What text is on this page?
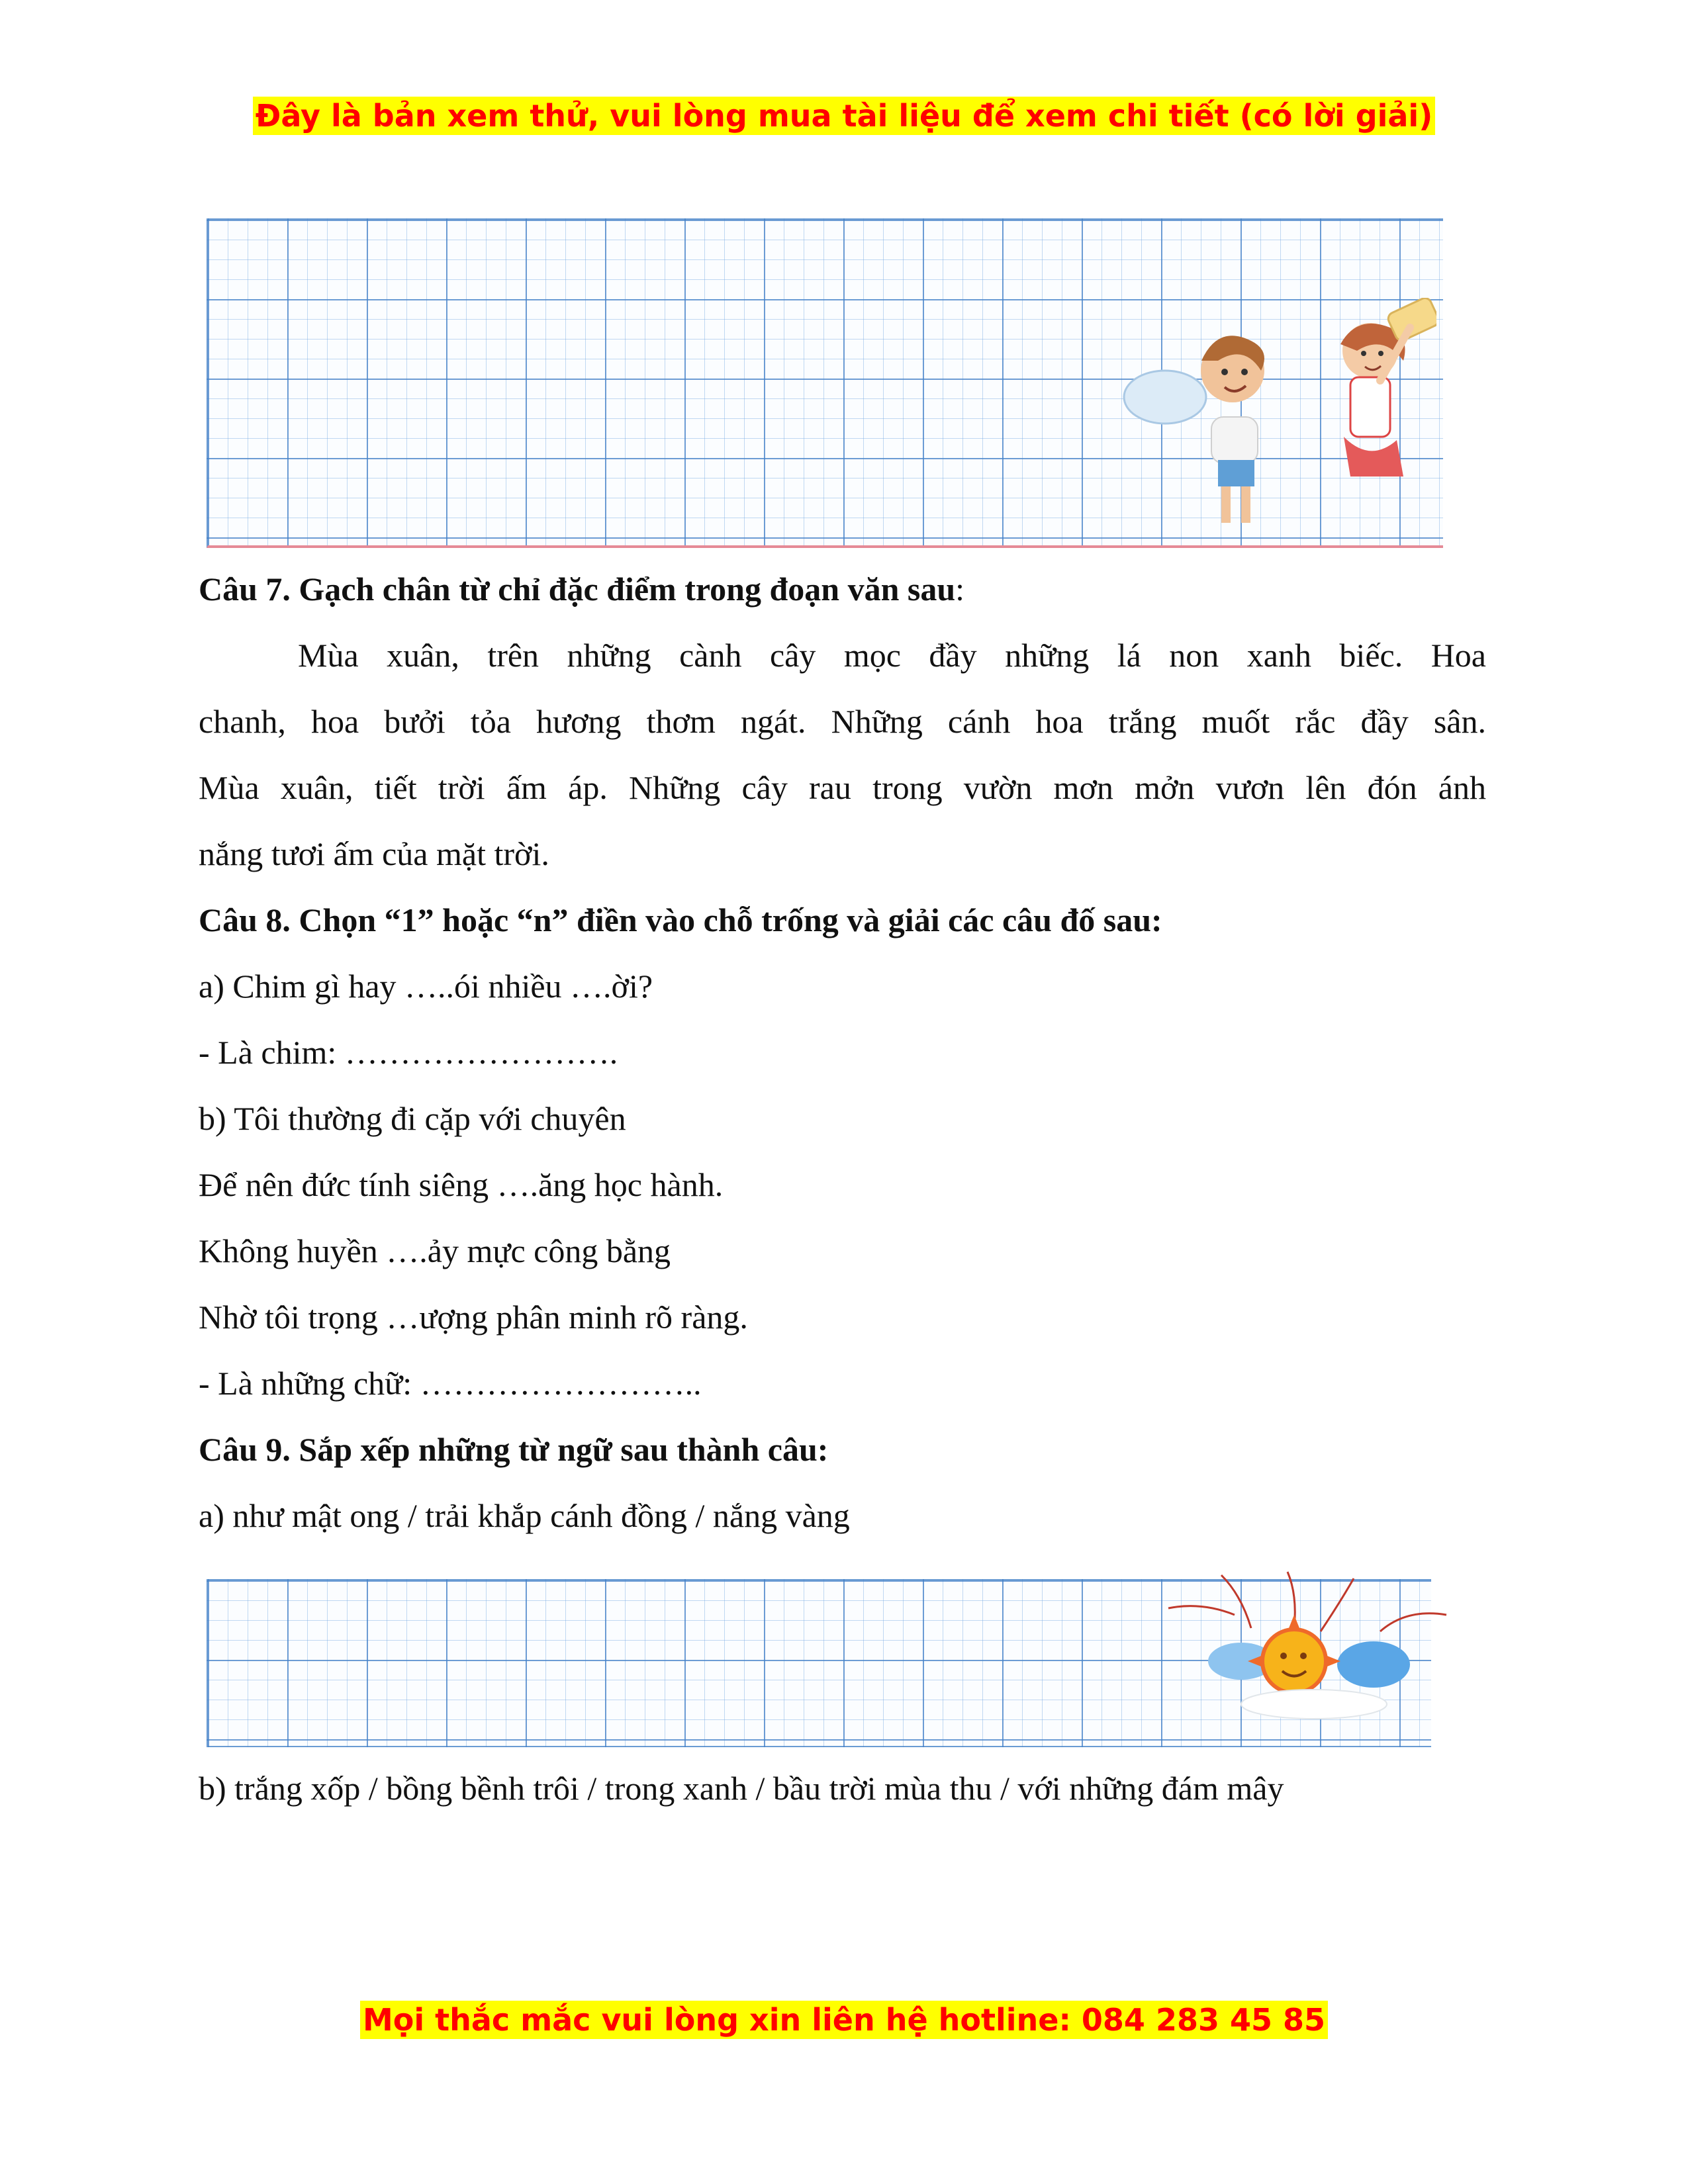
Đây là bản xem thử, vui lòng mua tài liệu để xem chi tiết (có lời giải)

Câu 7. Gạch chân từ chỉ đặc điểm trong đoạn văn sau:

Mùa xuân, trên những cành cây mọc đầy những lá non xanh biếc. Hoa

chanh, hoa bưởi tỏa hương thơm ngát. Những cánh hoa trắng muốt rắc đầy sân.

Mùa xuân, tiết trời ấm áp. Những cây rau trong vườn mơn mởn vươn lên đón ánh

nắng tươi ấm của mặt trời.

Câu 8. Chọn “1” hoặc “n” điền vào chỗ trống và giải các câu đố sau:

a) Chim gì hay …..ói nhiều ….ời?

- Là chim: …………………….

b) Tôi thường đi cặp với chuyên

Để nên đức tính siêng ….ăng học hành.

Không huyền ….ảy mực công bằng

Nhờ tôi trọng …ượng phân minh rõ ràng.

- Là những chữ: ……………………..

Câu 9. Sắp xếp những từ ngữ sau thành câu:

a) như mật ong / trải khắp cánh đồng / nắng vàng

b) trắng xốp / bồng bềnh trôi / trong xanh / bầu trời mùa thu / với những đám mây

Mọi thắc mắc vui lòng xin liên hệ hotline: 084 283 45 85
